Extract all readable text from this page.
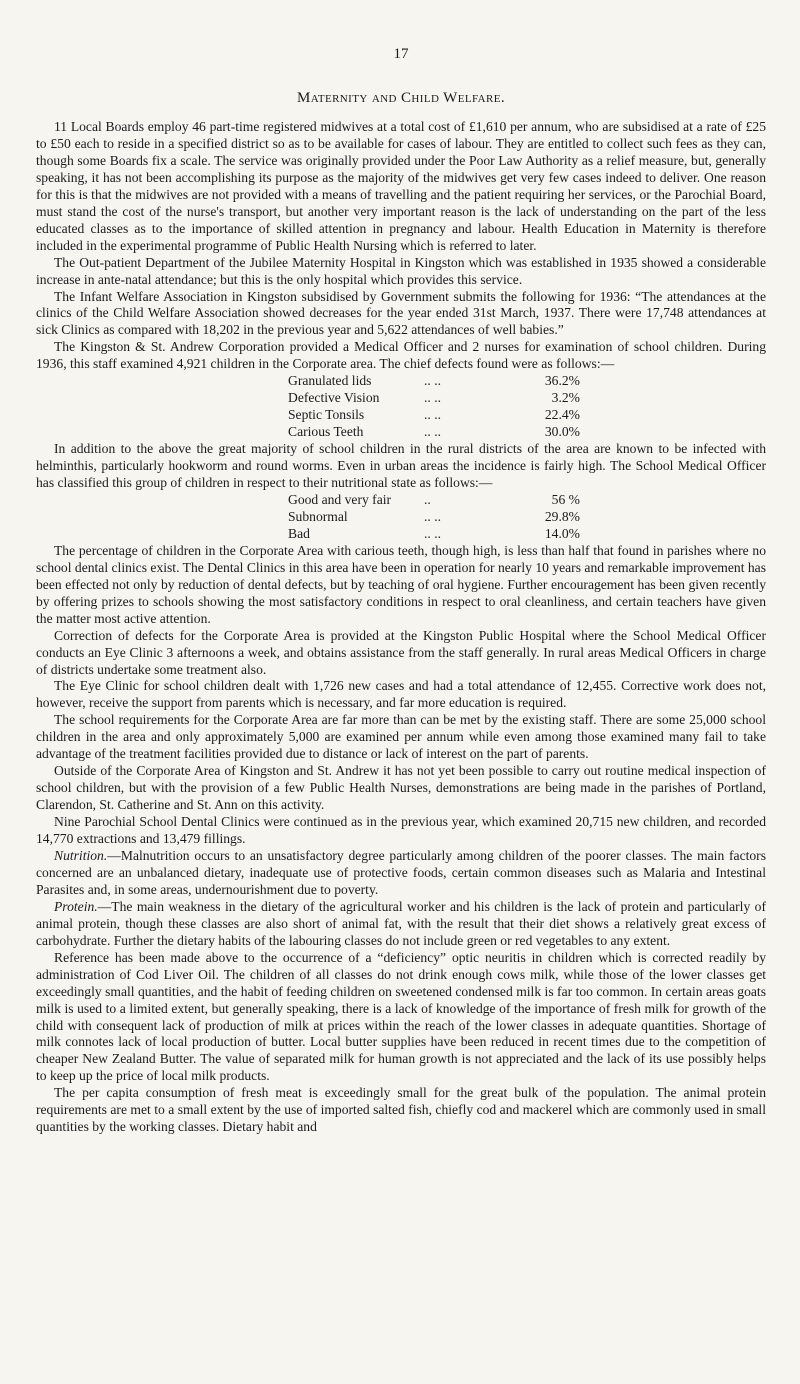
17
Maternity and Child Welfare.

11 Local Boards employ 46 part-time registered midwives at a total cost of £1,610 per annum, who are subsidised at a rate of £25 to £50 each to reside in a specified district so as to be available for cases of labour. They are entitled to collect such fees as they can, though some Boards fix a scale. The service was originally provided under the Poor Law Authority as a relief measure, but, generally speaking, it has not been accomplishing its purpose as the majority of the midwives get very few cases indeed to deliver. One reason for this is that the midwives are not provided with a means of travelling and the patient requiring her services, or the Parochial Board, must stand the cost of the nurse's transport, but another very important reason is the lack of understanding on the part of the less educated classes as to the importance of skilled attention in pregnancy and labour. Health Education in Maternity is therefore included in the experimental programme of Public Health Nursing which is referred to later.

The Out-patient Department of the Jubilee Maternity Hospital in Kingston which was established in 1935 showed a considerable increase in ante-natal attendance; but this is the only hospital which provides this service.

The Infant Welfare Association in Kingston subsidised by Government submits the following for 1936: “The attendances at the clinics of the Child Welfare Association showed decreases for the year ended 31st March, 1937. There were 17,748 attendances at sick Clinics as compared with 18,202 in the previous year and 5,622 attendances of well babies.”

The Kingston & St. Andrew Corporation provided a Medical Officer and 2 nurses for examination of school children. During 1936, this staff examined 4,921 children in the Corporate area. The chief defects found were as follows:—

Granulated lids	.. ..	36.2%
Defective Vision	.. ..	3.2%
Septic Tonsils	.. ..	22.4%
Carious Teeth	.. ..	30.0%

In addition to the above the great majority of school children in the rural districts of the area are known to be infected with helminthis, particularly hookworm and round worms. Even in urban areas the incidence is fairly high. The School Medical Officer has classified this group of children in respect to their nutritional state as follows:—

Good and very fair	..	56 %
Subnormal	.. ..	29.8%
Bad	.. ..	14.0%

The percentage of children in the Corporate Area with carious teeth, though high, is less than half that found in parishes where no school dental clinics exist. The Dental Clinics in this area have been in operation for nearly 10 years and remarkable improvement has been effected not only by reduction of dental defects, but by teaching of oral hygiene. Further encouragement has been given recently by offering prizes to schools showing the most satisfactory conditions in respect to oral cleanliness, and certain teachers have given the matter most active attention.

Correction of defects for the Corporate Area is provided at the Kingston Public Hospital where the School Medical Officer conducts an Eye Clinic 3 afternoons a week, and obtains assistance from the staff generally. In rural areas Medical Officers in charge of districts undertake some treatment also.

The Eye Clinic for school children dealt with 1,726 new cases and had a total attendance of 12,455. Corrective work does not, however, receive the support from parents which is necessary, and far more education is required.

The school requirements for the Corporate Area are far more than can be met by the existing staff. There are some 25,000 school children in the area and only approximately 5,000 are examined per annum while even among those examined many fail to take advantage of the treatment facilities provided due to distance or lack of interest on the part of parents.

Outside of the Corporate Area of Kingston and St. Andrew it has not yet been possible to carry out routine medical inspection of school children, but with the provision of a few Public Health Nurses, demonstrations are being made in the parishes of Portland, Clarendon, St. Catherine and St. Ann on this activity.

Nine Parochial School Dental Clinics were continued as in the previous year, which examined 20,715 new children, and recorded 14,770 extractions and 13,479 fillings.

Nutrition.—Malnutrition occurs to an unsatisfactory degree particularly among children of the poorer classes. The main factors concerned are an unbalanced dietary, inadequate use of protective foods, certain common diseases such as Malaria and Intestinal Parasites and, in some areas, undernourishment due to poverty.

Protein.—The main weakness in the dietary of the agricultural worker and his children is the lack of protein and particularly of animal protein, though these classes are also short of animal fat, with the result that their diet shows a relatively great excess of carbohydrate. Further the dietary habits of the labouring classes do not include green or red vegetables to any extent.

Reference has been made above to the occurrence of a “deficiency” optic neuritis in children which is corrected readily by administration of Cod Liver Oil. The children of all classes do not drink enough cows milk, while those of the lower classes get exceedingly small quantities, and the habit of feeding children on sweetened condensed milk is far too common. In certain areas goats milk is used to a limited extent, but generally speaking, there is a lack of knowledge of the importance of fresh milk for growth of the child with consequent lack of production of milk at prices within the reach of the lower classes in adequate quantities. Shortage of milk connotes lack of local production of butter. Local butter supplies have been reduced in recent times due to the competition of cheaper New Zealand Butter. The value of separated milk for human growth is not appreciated and the lack of its use possibly helps to keep up the price of local milk products.

The per capita consumption of fresh meat is exceedingly small for the great bulk of the population. The animal protein requirements are met to a small extent by the use of imported salted fish, chiefly cod and mackerel which are commonly used in small quantities by the working classes. Dietary habit and
